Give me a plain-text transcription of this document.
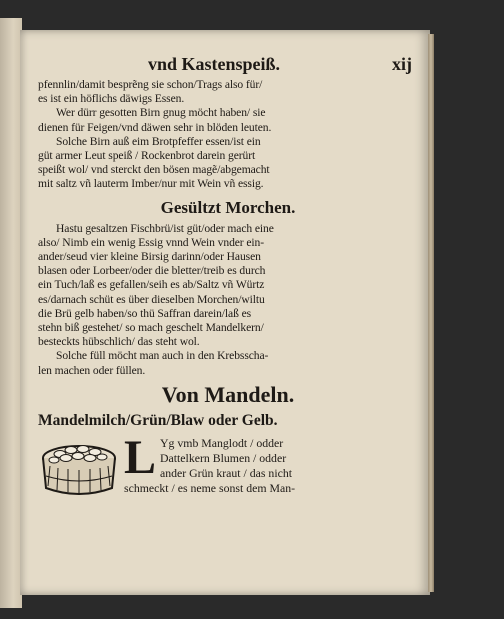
vnd Kastenspeiß.	xij

pfennlin/damit besprẽng sie schon/Trags also für/
es ist ein höflichs däwigs Essen.

Wer dürr gesotten Birn gnug möcht haben/ sie
dienen für Feigen/vnd däwen sehr in blöden leuten.

Solche Birn auß eim Brotpfeffer essen/ist ein
güt armer Leut speiß / Rockenbrot darein gerürt
speißt wol/ vnd sterckt den bösen magẽ/abgemacht
mit saltz vñ lauterm Imber/nur mit Wein vñ essig.

Gesültzt Morchen.

Hastu gesaltzen Fischbrü/ist güt/oder mach eine
also/ Nimb ein wenig Essig vnnd Wein vnder ein-
ander/seud vier kleine Birsig darinn/oder Hausen
blasen oder Lorbeer/oder die bletter/treib es durch
ein Tuch/laß es gefallen/seih es ab/Saltz vñ Würtz
es/darnach schüt es über dieselben Morchen/wiltu
die Brü gelb haben/so thü Saffran darein/laß es
stehn biß gestehet/ so mach geschelt Mandelkern/
besteckts hübschlich/ das steht wol.

Solche füll möcht man auch in den Krebsscha-
len machen oder füllen.

Von Mandeln.
Mandelmilch/Grün/Blaw oder Gelb.
L Yg vmb Manglodt / odder
Dattelkern Blumen / odder
ander Grün kraut / das nicht
schmeckt / es neme sonst dem Man-
